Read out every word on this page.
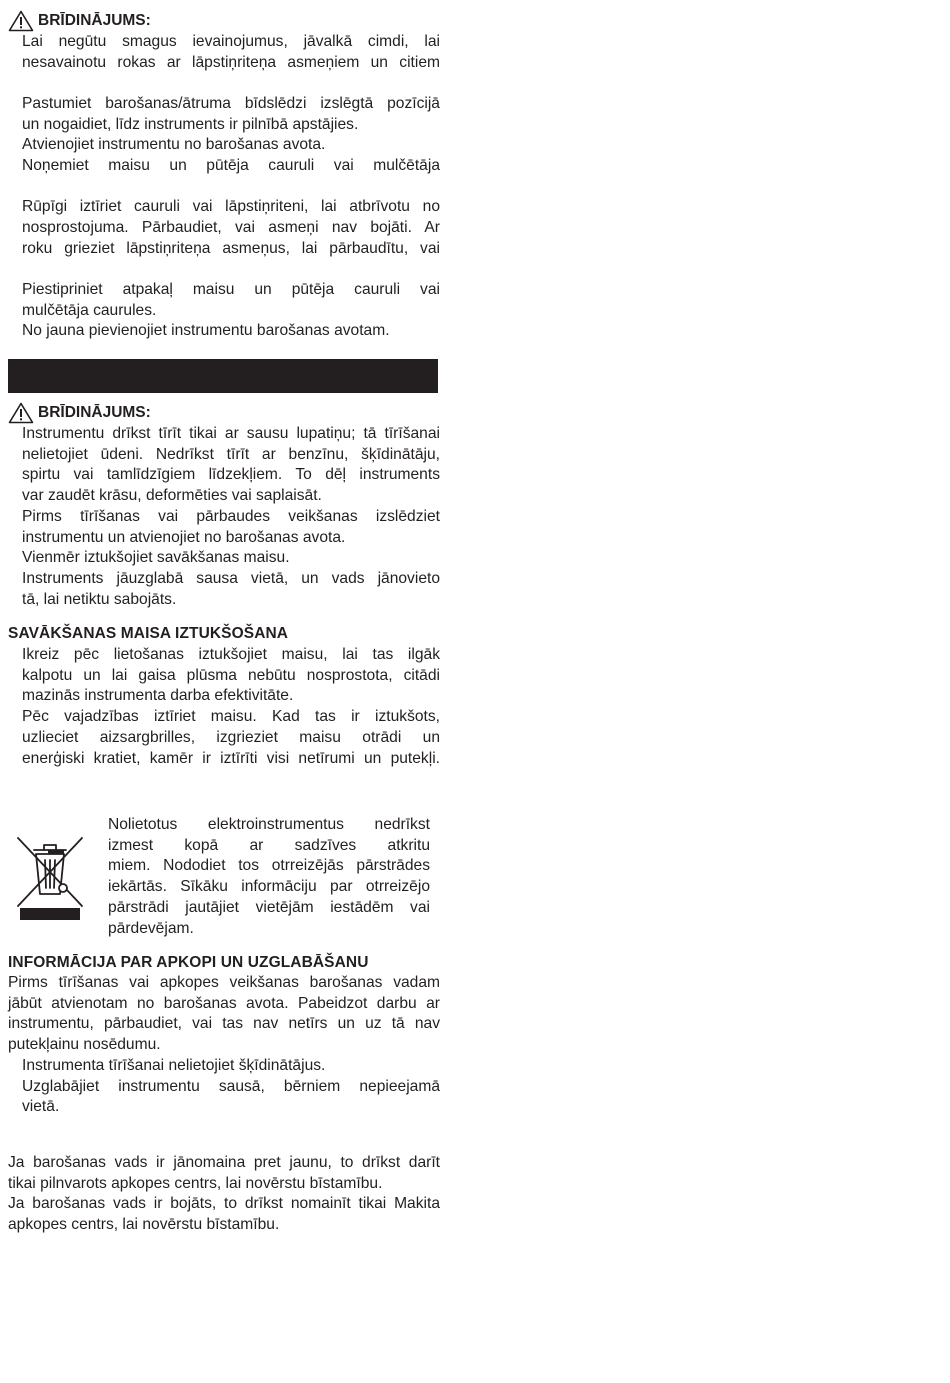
BRĪDINĀJUMS:

Lai negūtu smagus ievainojumus, jāvalkā cimdi, lai

nesavainotu rokas ar lāpstiņriteņa asmeņiem un citiem

Pastumiet barošanas/ātruma bīdslēdzi izslēgtā pozīcijā

un nogaidiet, līdz instruments ir pilnībā apstājies.

Atvienojiet instrumentu no barošanas avota.

Noņemiet maisu un pūtēja cauruli vai mulčētāja

Rūpīgi iztīriet cauruli vai lāpstiņriteni, lai atbrīvotu no

nosprostojuma. Pārbaudiet, vai asmeņi nav bojāti. Ar

roku grieziet lāpstiņriteņa asmeņus, lai pārbaudītu, vai

Piestipriniet atpakaļ maisu un pūtēja cauruli vai

mulčētāja caurules.

No jauna pievienojiet instrumentu barošanas avotam.

BRĪDINĀJUMS:

Instrumentu drīkst tīrīt tikai ar sausu lupatiņu; tā tīrīšanai

nelietojiet ūdeni. Nedrīkst tīrīt ar benzīnu, šķīdinātāju,

spirtu vai tamlīdzīgiem līdzekļiem. To dēļ instruments

var zaudēt krāsu, deformēties vai saplaisāt.

Pirms tīrīšanas vai pārbaudes veikšanas izslēdziet

instrumentu un atvienojiet no barošanas avota.

Vienmēr iztukšojiet savākšanas maisu.

Instruments jāuzglabā sausa vietā, un vads jānovieto

tā, lai netiktu sabojāts.

SAVĀKŠANAS MAISA IZTUKŠOŠANA

Ikreiz pēc lietošanas iztukšojiet maisu, lai tas ilgāk

kalpotu un lai gaisa plūsma nebūtu nosprostota, citādi

mazinās instrumenta darba efektivitāte.

Pēc vajadzības iztīriet maisu. Kad tas ir iztukšots,

uzlieciet aizsargbrilles, izgrieziet maisu otrādi un

enerģiski kratiet, kamēr ir iztīrīti visi netīrumi un putekļi.

Nolietotus elektroinstrumentus nedrīkst

izmest kopā ar sadzīves atkritu

miem. Nododiet tos otrreizējās pārstrādes

iekārtās. Sīkāku informāciju par otrreizējo

pārstrādi jautājiet vietējām iestādēm vai

pārdevējam.

INFORMĀCIJA PAR APKOPI UN UZGLABĀŠANU

Pirms tīrīšanas vai apkopes veikšanas barošanas vadam

jābūt atvienotam no barošanas avota. Pabeidzot darbu ar

instrumentu, pārbaudiet, vai tas nav netīrs un uz tā nav

putekļainu nosēdumu.

Instrumenta tīrīšanai nelietojiet šķīdinātājus.

Uzglabājiet instrumentu sausā, bērniem nepieejamā

vietā.

Ja barošanas vads ir jānomaina pret jaunu, to drīkst darīt

tikai pilnvarots apkopes centrs, lai novērstu bīstamību.

Ja barošanas vads ir bojāts, to drīkst nomainīt tikai Makita

apkopes centrs, lai novērstu bīstamību.
